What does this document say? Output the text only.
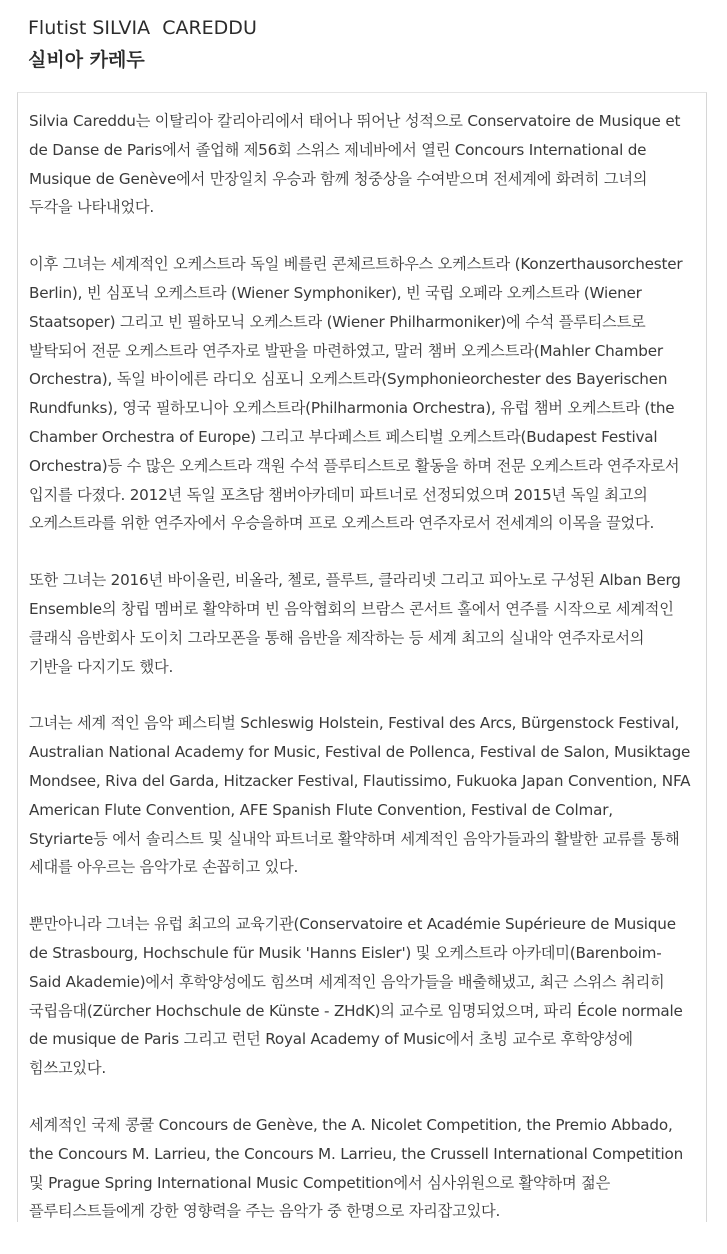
Flutist SILVIA  CAREDDU
실비아 카레두

Silvia Careddu는 이탈리아 칼리아리에서 태어나 뛰어난 성적으로 Conservatoire de Musique et de Danse de Paris에서 졸업해 제56회 스위스 제네바에서 열린 Concours International de Musique de Genève에서 만장일치 우승과 함께 청중상을 수여받으며 전세계에 화려히 그녀의 두각을 나타내었다.

이후 그녀는 세계적인 오케스트라 독일 베를린 콘체르트하우스 오케스트라 (Konzerthausorchester Berlin), 빈 심포닉 오케스트라 (Wiener Symphoniker), 빈 국립 오페라 오케스트라 (Wiener Staatsoper) 그리고 빈 필하모닉 오케스트라 (Wiener Philharmoniker)에 수석 플루티스트로 발탁되어 전문 오케스트라 연주자로 발판을 마련하였고, 말러 챔버 오케스트라(Mahler Chamber Orchestra), 독일 바이에른 라디오 심포니 오케스트라(Symphonieorchester des Bayerischen Rundfunks), 영국 필하모니아 오케스트라(Philharmonia Orchestra), 유럽 챔버 오케스트라 (the Chamber Orchestra of Europe) 그리고 부다페스트 페스티벌 오케스트라(Budapest Festival Orchestra)등 수 많은 오케스트라 객원 수석 플루티스트로 활동을 하며 전문 오케스트라 연주자로서 입지를 다졌다. 2012년 독일 포츠담 챔버아카데미 파트너로 선정되었으며 2015년 독일 최고의 오케스트라를 위한 연주자에서 우승을하며 프로 오케스트라 연주자로서 전세계의 이목을 끌었다.

또한 그녀는 2016년 바이올린, 비올라, 첼로, 플루트, 클라리넷 그리고 피아노로 구성된 Alban Berg Ensemble의 창립 멤버로 활약하며 빈 음악협회의 브람스 콘서트 홀에서 연주를 시작으로 세계적인 클래식 음반회사 도이치 그라모폰을 통해 음반을 제작하는 등 세계 최고의 실내악 연주자로서의 기반을 다지기도 했다.

그녀는 세계 적인 음악 페스티벌 Schleswig Holstein, Festival des Arcs, Bürgenstock Festival, Australian National Academy for Music, Festival de Pollenca, Festival de Salon, Musiktage Mondsee, Riva del Garda, Hitzacker Festival, Flautissimo, Fukuoka Japan Convention, NFA American Flute Convention, AFE Spanish Flute Convention, Festival de Colmar, Styriarte등 에서 솔리스트 및 실내악 파트너로 활약하며 세계적인 음악가들과의 활발한 교류를 통해 세대를 아우르는 음악가로 손꼽히고 있다.

뿐만아니라 그녀는 유럽 최고의 교육기관(Conservatoire et Académie Supérieure de Musique de Strasbourg, Hochschule für Musik 'Hanns Eisler') 및 오케스트라 아카데미(Barenboim-Said Akademie)에서 후학양성에도 힘쓰며 세계적인 음악가들을 배출해냈고, 최근 스위스 취리히 국립음대(Zürcher Hochschule de Künste - ZHdK)의 교수로 임명되었으며, 파리 École normale de musique de Paris 그리고 런던 Royal Academy of Music에서 초빙 교수로 후학양성에 힘쓰고있다.

세계적인 국제 콩쿨 Concours de Genève, the A. Nicolet Competition, the Premio Abbado, the Concours M. Larrieu, the Concours M. Larrieu, the Crussell International Competition 및 Prague Spring International Music Competition에서 심사위원으로 활약하며 젊은 플루티스트들에게 강한 영향력을 주는 음악가 중 한명으로 자리잡고있다.
